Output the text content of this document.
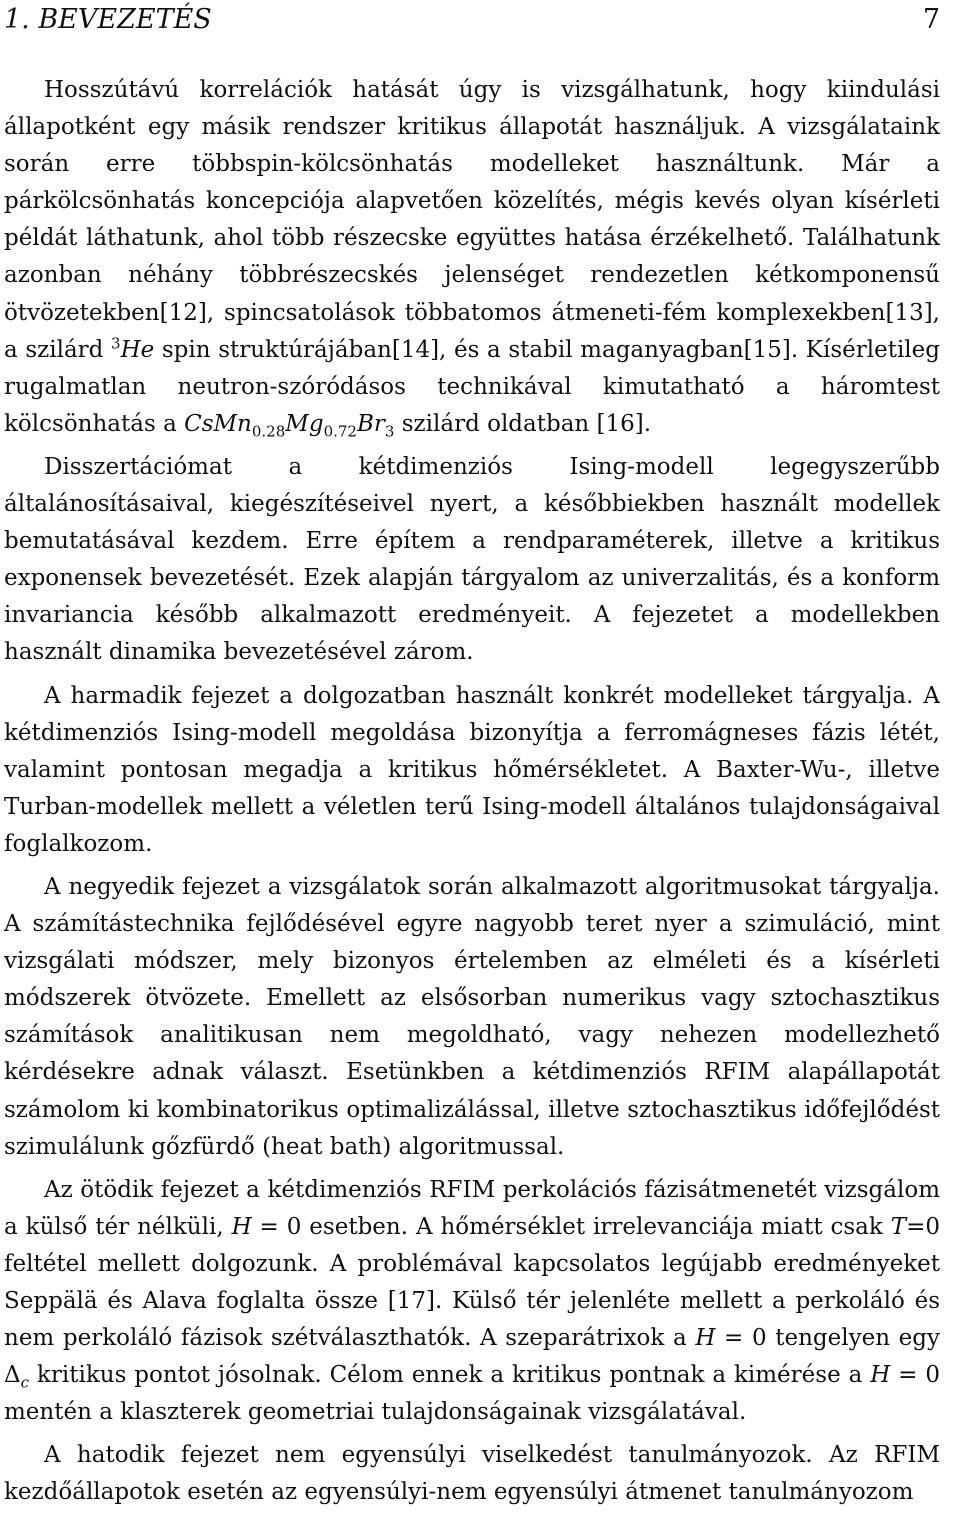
1. BEVEZETÉS	7

Hosszútávú korrelációk hatását úgy is vizsgálhatunk, hogy kiindulási állapotként egy másik rendszer kritikus állapotát használjuk. A vizsgálataink során erre többspin-kölcsönhatás modelleket használtunk. Már a párkölcsönhatás koncepciója alapvetően közelítés, mégis kevés olyan kísérleti példát láthatunk, ahol több részecske együttes hatása érzékelhető. Találhatunk azonban néhány többrészecskés jelenséget rendezetlen kétkomponensű ötvözetekben[12], spincsatolások többatomos átmeneti-fém komplexekben[13], a szilárd $^3$He spin struktúrájában[14], és a stabil maganyagban[15]. Kísérletileg rugalmatlan neutron-szóródásos technikával kimutatható a háromtest kölcsönhatás a $CsMn_{0.28}Mg_{0.72}Br_3$ szilárd oldatban [16].

Disszertációmat a kétdimenziós Ising-modell legegyszerűbb általánosításaival, kiegészítéseivel nyert, a későbbiekben használt modellek bemutatásával kezdem. Erre építem a rendparaméterek, illetve a kritikus exponensek bevezetését. Ezek alapján tárgyalom az univerzalitás, és a konform invariancia később alkalmazott eredményeit. A fejezetet a modellekben használt dinamika bevezetésével zárom.

A harmadik fejezet a dolgozatban használt konkrét modelleket tárgyalja. A kétdimenziós Ising-modell megoldása bizonyítja a ferromágneses fázis létét, valamint pontosan megadja a kritikus hőmérsékletet. A Baxter-Wu-, illetve Turban-modellek mellett a véletlen terű Ising-modell általános tulajdonságaival foglalkozom.

A negyedik fejezet a vizsgálatok során alkalmazott algoritmusokat tárgyalja. A számítástechnika fejlődésével egyre nagyobb teret nyer a szimuláció, mint vizsgálati módszer, mely bizonyos értelemben az elméleti és a kísérleti módszerek ötvözete. Emellett az elsősorban numerikus vagy sztochasztikus számítások analitikusan nem megoldható, vagy nehezen modellezhető kérdésekre adnak választ. Esetünkben a kétdimenziós RFIM alapállapotát számolom ki kombinatorikus optimalizálással, illetve sztochasztikus időfejlődést szimulálunk gőzfürdő (heat bath) algoritmussal.

Az ötödik fejezet a kétdimenziós RFIM perkolációs fázisátmenetét vizsgálom a külső tér nélküli, H = 0 esetben. A hőmérséklet irrelevanciája miatt csak T=0 feltétel mellett dolgozunk. A problémával kapcsolatos legújabb eredményeket Seppälä és Alava foglalta össze [17]. Külső tér jelenléte mellett a perkoláló és nem perkoláló fázisok szétválaszthatók. A szeparátrixok a H = 0 tengelyen egy $\Delta_c$ kritikus pontot jósolnak. Célom ennek a kritikus pontnak a kimérése a H = 0 mentén a klaszterek geometriai tulajdonságainak vizsgálatával.

A hatodik fejezet nem egyensúlyi viselkedést tanulmányozok. Az RFIM kezdőállapotok esetén az egyensúlyi-nem egyensúlyi átmenet tanulmányozom
